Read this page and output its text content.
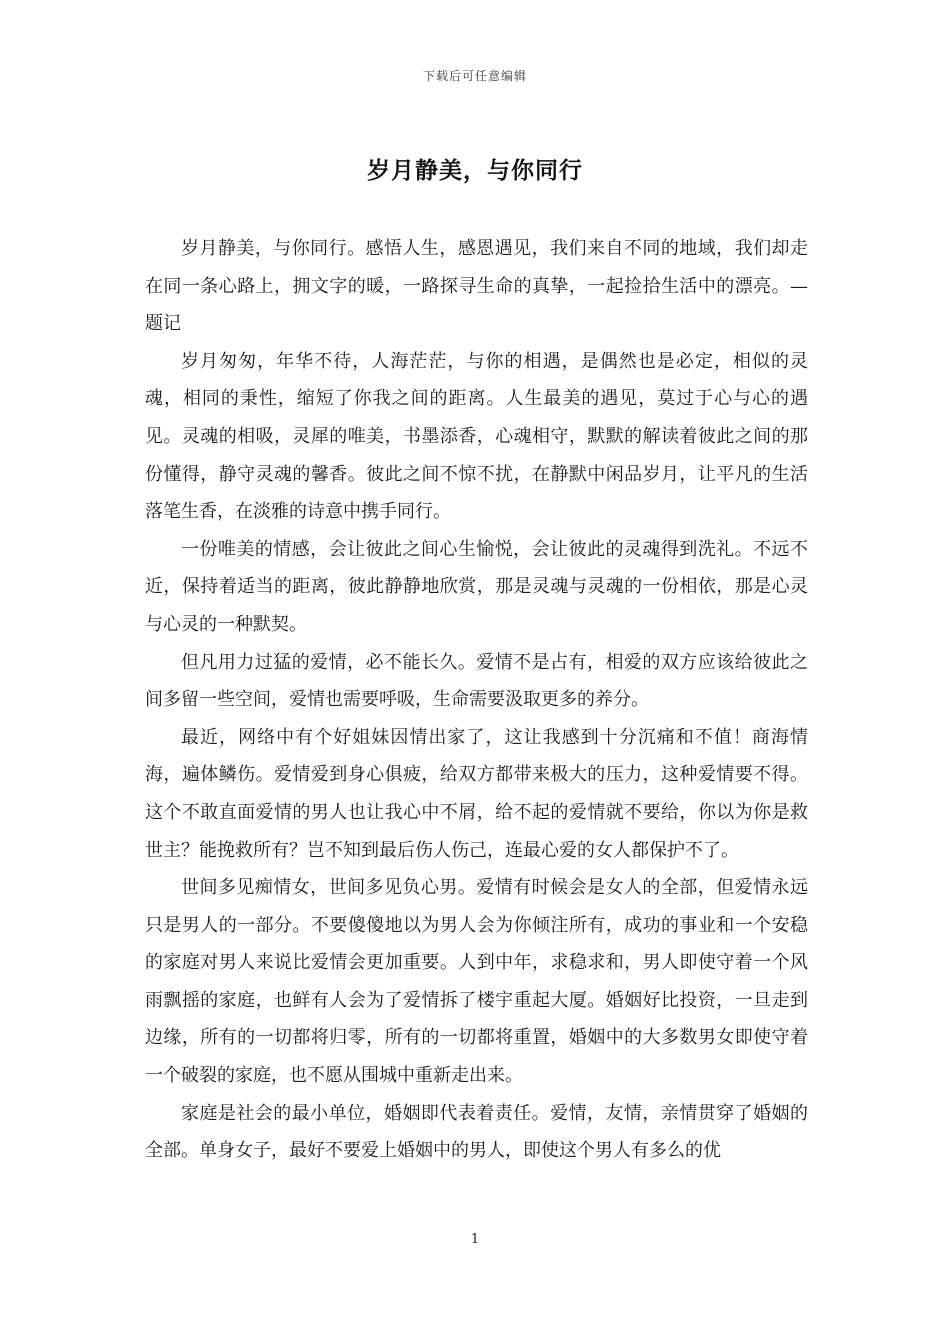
下载后可任意编辑
岁月静美，与你同行

岁月静美，与你同行。感悟人生，感恩遇见，我们来自不同的地域，我们却走在同一条心路上，拥文字的暖，一路探寻生命的真挚，一起捡拾生活中的漂亮。—题记

岁月匆匆，年华不待，人海茫茫，与你的相遇，是偶然也是必定，相似的灵魂，相同的秉性，缩短了你我之间的距离。人生最美的遇见，莫过于心与心的遇见。灵魂的相吸，灵犀的唯美，书墨添香，心魂相守，默默的解读着彼此之间的那份懂得，静守灵魂的馨香。彼此之间不惊不扰，在静默中闲品岁月，让平凡的生活落笔生香，在淡雅的诗意中携手同行。

一份唯美的情感，会让彼此之间心生愉悦，会让彼此的灵魂得到洗礼。不远不近，保持着适当的距离，彼此静静地欣赏，那是灵魂与灵魂的一份相依，那是心灵与心灵的一种默契。

但凡用力过猛的爱情，必不能长久。爱情不是占有，相爱的双方应该给彼此之间多留一些空间，爱情也需要呼吸，生命需要汲取更多的养分。

最近，网络中有个好姐妹因情出家了，这让我感到十分沉痛和不值！商海情海，遍体鳞伤。爱情爱到身心俱疲，给双方都带来极大的压力，这种爱情要不得。这个不敢直面爱情的男人也让我心中不屑，给不起的爱情就不要给，你以为你是救世主？能挽救所有？岂不知到最后伤人伤己，连最心爱的女人都保护不了。

世间多见痴情女，世间多见负心男。爱情有时候会是女人的全部，但爱情永远只是男人的一部分。不要傻傻地以为男人会为你倾注所有，成功的事业和一个安稳的家庭对男人来说比爱情会更加重要。人到中年，求稳求和，男人即使守着一个风雨飘摇的家庭，也鲜有人会为了爱情拆了楼宇重起大厦。婚姻好比投资，一旦走到边缘，所有的一切都将归零，所有的一切都将重置，婚姻中的大多数男女即使守着一个破裂的家庭，也不愿从围城中重新走出来。

家庭是社会的最小单位，婚姻即代表着责任。爱情，友情，亲情贯穿了婚姻的全部。单身女子，最好不要爱上婚姻中的男人，即使这个男人有多么的优

1
